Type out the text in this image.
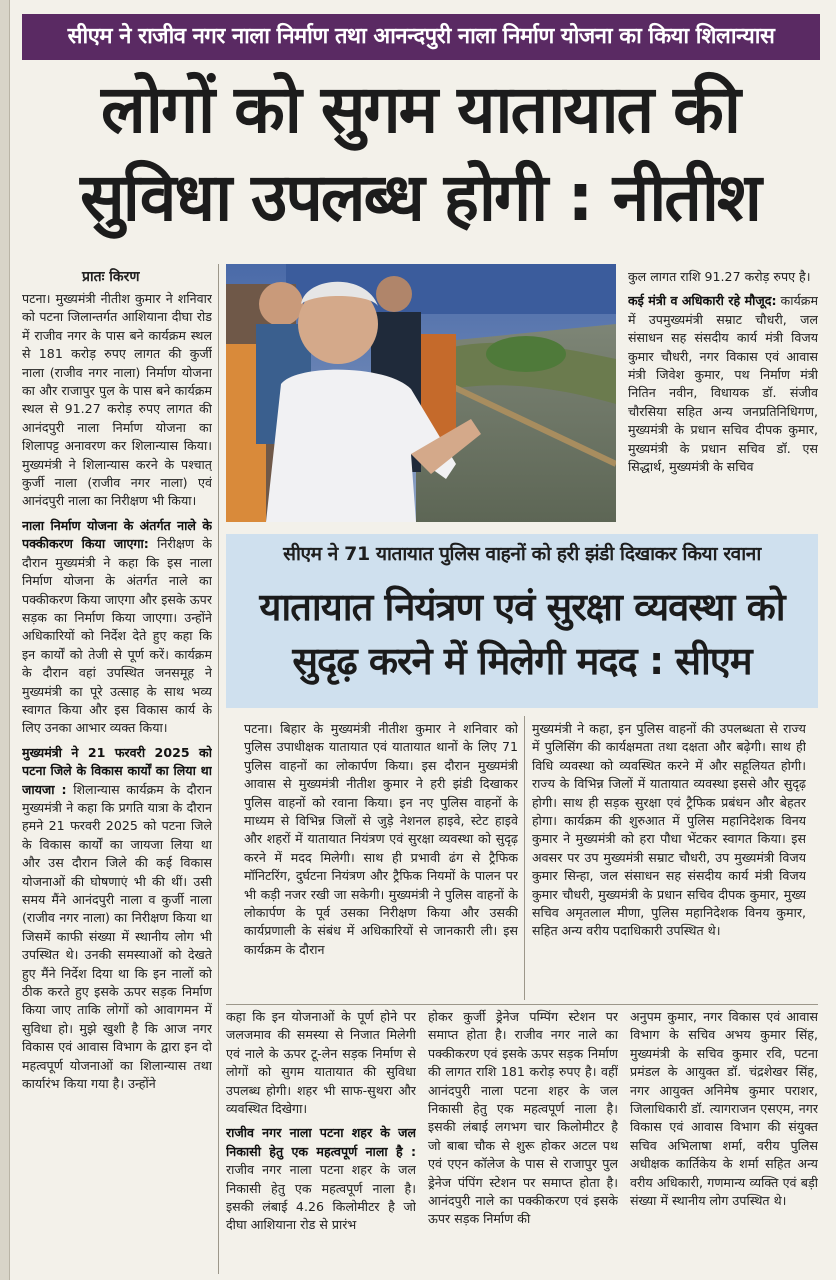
सीएम ने राजीव नगर नाला निर्माण तथा आनन्दपुरी नाला निर्माण योजना का किया शिलान्यास
लोगों को सुगम यातायात की
सुविधा उपलब्ध होगी : नीतीश
प्रातः किरण

पटना। मुख्यमंत्री नीतीश कुमार ने शनिवार को पटना जिलान्तर्गत आशियाना दीघा रोड में राजीव नगर के पास बने कार्यक्रम स्थल से 181 करोड़ रुपए लागत की कुर्जी नाला (राजीव नगर नाला) निर्माण योजना का और राजापुर पुल के पास बने कार्यक्रम स्थल से 91.27 करोड़ रुपए लागत की आनंदपुरी नाला निर्माण योजना का शिलापट्ट अनावरण कर शिलान्यास किया। मुख्यमंत्री ने शिलान्यास करने के पश्चात् कुर्जी नाला (राजीव नगर नाला) एवं आनंदपुरी नाला का निरीक्षण भी किया।

नाला निर्माण योजना के अंतर्गत नाले के पक्कीकरण किया जाएगा: निरीक्षण के दौरान मुख्यमंत्री ने कहा कि इस नाला निर्माण योजना के अंतर्गत नाले का पक्कीकरण किया जाएगा और इसके ऊपर सड़क का निर्माण किया जाएगा। उन्होंने अधिकारियों को निर्देश देते हुए कहा कि इन कार्यों को तेजी से पूर्ण करें। कार्यक्रम के दौरान वहां उपस्थित जनसमूह ने मुख्यमंत्री का पूरे उत्साह के साथ भव्य स्वागत किया और इस विकास कार्य के लिए उनका आभार व्यक्त किया।

मुख्यमंत्री ने 21 फरवरी 2025 को पटना जिले के विकास कार्यों का लिया था जायजा : शिलान्यास कार्यक्रम के दौरान मुख्यमंत्री ने कहा कि प्रगति यात्रा के दौरान हमने 21 फरवरी 2025 को पटना जिले के विकास कार्यों का जायजा लिया था और उस दौरान जिले की कई विकास योजनाओं की घोषणाएं भी की थीं। उसी समय मैंने आनंदपुरी नाला व कुर्जी नाला (राजीव नगर नाला) का निरीक्षण किया था जिसमें काफी संख्या में स्थानीय लोग भी उपस्थित थे। उनकी समस्याओं को देखते हुए मैंने निर्देश दिया था कि इन नालों को ठीक करते हुए इसके ऊपर सड़क निर्माण किया जाए ताकि लोगों को आवागमन में सुविधा हो। मुझे खुशी है कि आज नगर विकास एवं आवास विभाग के द्वारा इन दो महत्वपूर्ण योजनाओं का शिलान्यास तथा कार्यारंभ किया गया है। उन्होंने

कुल लागत राशि 91.27 करोड़ रुपए है।

कई मंत्री व अधिकारी रहे मौजूद: कार्यक्रम में उपमुख्यमंत्री सम्राट चौधरी, जल संसाधन सह संसदीय कार्य मंत्री विजय कुमार चौधरी, नगर विकास एवं आवास मंत्री जिवेश कुमार, पथ निर्माण मंत्री नितिन नवीन, विधायक डॉ. संजीव चौरसिया सहित अन्य जनप्रतिनिधिगण, मुख्यमंत्री के प्रधान सचिव दीपक कुमार, मुख्यमंत्री के प्रधान सचिव डॉ. एस सिद्धार्थ, मुख्यमंत्री के सचिव

सीएम ने 71 यातायात पुलिस वाहनों को हरी झंडी दिखाकर किया रवाना
यातायात नियंत्रण एवं सुरक्षा व्यवस्था को
सुदृढ़ करने में मिलेगी मदद : सीएम
पटना। बिहार के मुख्यमंत्री नीतीश कुमार ने शनिवार को पुलिस उपाधीक्षक यातायात एवं यातायात थानों के लिए 71 पुलिस वाहनों का लोकार्पण किया। इस दौरान मुख्यमंत्री आवास से मुख्यमंत्री नीतीश कुमार ने हरी झंडी दिखाकर पुलिस वाहनों को रवाना किया। इन नए पुलिस वाहनों के माध्यम से विभिन्न जिलों से जुड़े नेशनल हाइवे, स्टेट हाइवे और शहरों में यातायात नियंत्रण एवं सुरक्षा व्यवस्था को सुदृढ़ करने में मदद मिलेगी। साथ ही प्रभावी ढंग से ट्रैफिक मॉनिटरिंग, दुर्घटना नियंत्रण और ट्रैफिक नियमों के पालन पर भी कड़ी नजर रखी जा सकेगी। मुख्यमंत्री ने पुलिस वाहनों के लोकार्पण के पूर्व उसका निरीक्षण किया और उसकी कार्यप्रणाली के संबंध में अधिकारियों से जानकारी ली। इस कार्यक्रम के दौरान
मुख्यमंत्री ने कहा, इन पुलिस वाहनों की उपलब्धता से राज्य में पुलिसिंग की कार्यक्षमता तथा दक्षता और बढ़ेगी। साथ ही विधि व्यवस्था को व्यवस्थित करने में और सहूलियत होगी। राज्य के विभिन्न जिलों में यातायात व्यवस्था इससे और सुदृढ़ होगी। साथ ही सड़क सुरक्षा एवं ट्रैफिक प्रबंधन और बेहतर होगा। कार्यक्रम की शुरुआत में पुलिस महानिदेशक विनय कुमार ने मुख्यमंत्री को हरा पौधा भेंटकर स्वागत किया। इस अवसर पर उप मुख्यमंत्री सम्राट चौधरी, उप मुख्यमंत्री विजय कुमार सिन्हा, जल संसाधन सह संसदीय कार्य मंत्री विजय कुमार चौधरी, मुख्यमंत्री के प्रधान सचिव दीपक कुमार, मुख्य सचिव अमृतलाल मीणा, पुलिस महानिदेशक विनय कुमार, सहित अन्य वरीय पदाधिकारी उपस्थित थे।

कहा कि इन योजनाओं के पूर्ण होने पर जलजमाव की समस्या से निजात मिलेगी एवं नाले के ऊपर टू-लेन सड़क निर्माण से लोगों को सुगम यातायात की सुविधा उपलब्ध होगी। शहर भी साफ-सुथरा और व्यवस्थित दिखेगा।

राजीव नगर नाला पटना शहर के जल निकासी हेतु एक महत्वपूर्ण नाला है : राजीव नगर नाला पटना शहर के जल निकासी हेतु एक महत्वपूर्ण नाला है। इसकी लंबाई 4.26 किलोमीटर है जो दीघा आशियाना रोड से प्रारंभ

होकर कुर्जी ड्रेनेज पम्पिंग स्टेशन पर समाप्त होता है। राजीव नगर नाले का पक्कीकरण एवं इसके ऊपर सड़क निर्माण की लागत राशि 181 करोड़ रुपए है। वहीं आनंदपुरी नाला पटना शहर के जल निकासी हेतु एक महत्वपूर्ण नाला है। इसकी लंबाई लगभग चार किलोमीटर है जो बाबा चौक से शुरू होकर अटल पथ एवं एएन कॉलेज के पास से राजापुर पुल ड्रेनेज पंपिंग स्टेशन पर समाप्त होता है। आनंदपुरी नाले का पक्कीकरण एवं इसके ऊपर सड़क निर्माण की
अनुपम कुमार, नगर विकास एवं आवास विभाग के सचिव अभय कुमार सिंह, मुख्यमंत्री के सचिव कुमार रवि, पटना प्रमंडल के आयुक्त डॉ. चंद्रशेखर सिंह, नगर आयुक्त अनिमेष कुमार पराशर, जिलाधिकारी डॉ. त्यागराजन एसएम, नगर विकास एवं आवास विभाग की संयुक्त सचिव अभिलाषा शर्मा, वरीय पुलिस अधीक्षक कार्तिकेय के शर्मा सहित अन्य वरीय अधिकारी, गणमान्य व्यक्ति एवं बड़ी संख्या में स्थानीय लोग उपस्थित थे।
